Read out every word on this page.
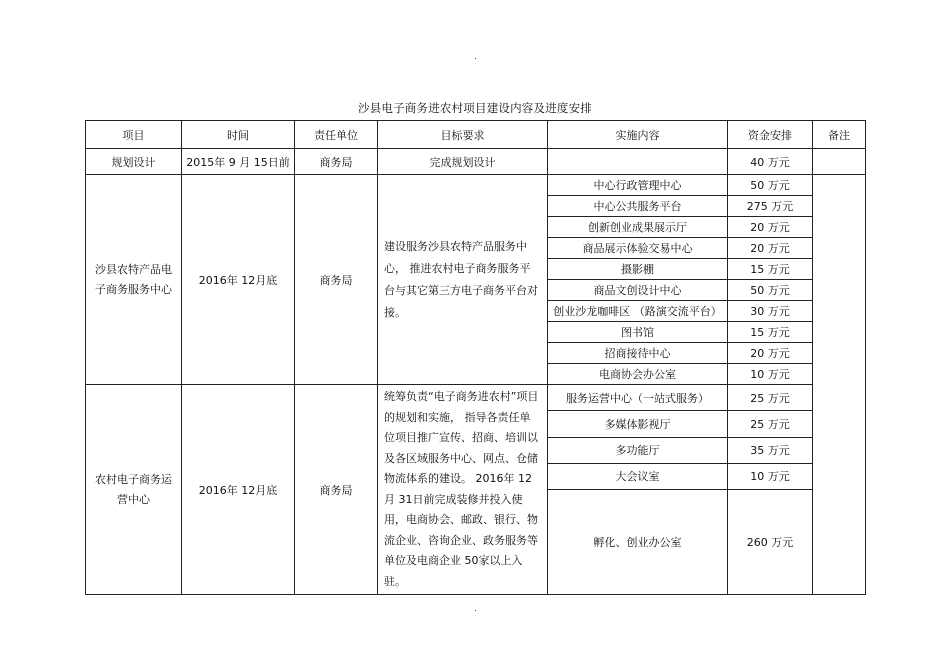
.
沙县电子商务进农村项目建设内容及进度安排
项目	时间	责任单位	目标要求	实施内容	资金安排	备注
规划设计	2015年 9 月 15日前	商务局	完成规划设计		40 万元	
沙县农特产品电子商务服务中心	2016年 12月底	商务局	建设服务沙县农特产品服务中心， 推进农村电子商务服务平台与其它第三方电子商务平台对接。	中心行政管理中心	50 万元	
				中心公共服务平台	275 万元	
				创新创业成果展示厅	20 万元	
				商品展示体验交易中心	20 万元	
				摄影棚	15 万元	
				商品文创设计中心	50 万元	
				创业沙龙咖啡区 （路演交流平台）	30 万元	
				图书馆	15 万元	
				招商接待中心	20 万元	
				电商协会办公室	10 万元	
农村电子商务运营中心	2016年 12月底	商务局	统筹负责“电子商务进农村”项目的规划和实施， 指导各责任单位项目推广宣传、招商、培训以及各区域服务中心、网点、仓储物流体系的建设。 2016年 12月 31日前完成装修并投入使用，电商协会、邮政、银行、物流企业、咨询企业、政务服务等单位及电商企业 50家以上入驻。	服务运营中心（一站式服务）	25 万元	
				多媒体影视厅	25 万元	
				多功能厅	35 万元	
				大会议室	10 万元	
				孵化、创业办公室	260 万元	
.
